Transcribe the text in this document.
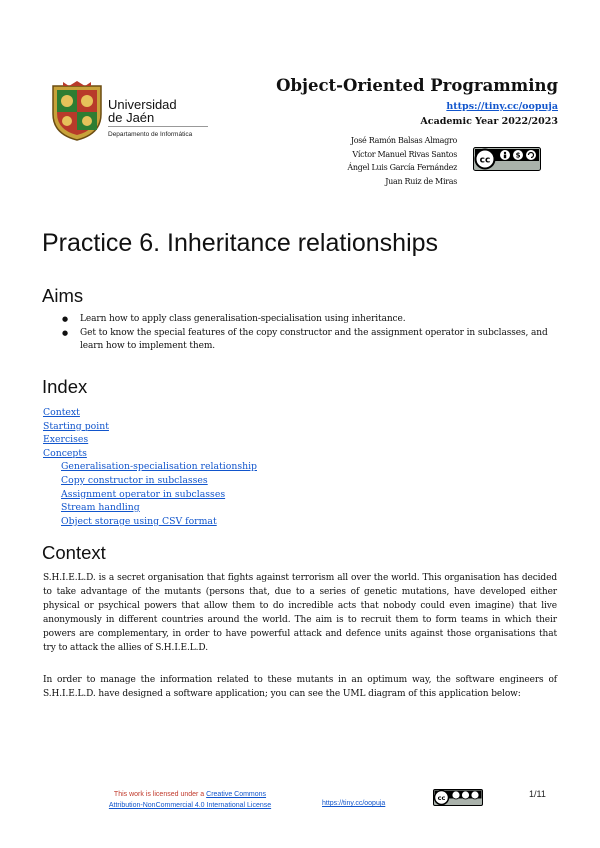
Universidad
de Jaén
Departamento de Informática
Object-Oriented Programming
https://tiny.cc/oopuja
Academic Year 2022/2023
José Ramón Balsas Almagro
Víctor Manuel Rivas Santos
Ángel Luis García Fernández
Juan Ruiz de Miras
cc	$
Practice 6. Inheritance relationships
Aims
● Learn how to apply class generalisation-specialisation using inheritance.
● Get to know the special features of the copy constructor and the assignment operator in subclasses, and learn how to implement them.
Index
Context
Starting point
Exercises
Concepts
Generalisation-specialisation relationship
Copy constructor in subclasses
Assignment operator in subclasses
Stream handling
Object storage using CSV format
Context
S.H.I.E.L.D. is a secret organisation that fights against terrorism all over the world. This organisation has decided to take advantage of the mutants (persons that, due to a series of genetic mutations, have developed either physical or psychical powers that allow them to do incredible acts that nobody could even imagine) that live anonymously in different countries around the world. The aim is to recruit them to form teams in which their powers are complementary, in order to have powerful attack and defence units against those organisations that try to attack the allies of S.H.I.E.L.D.
In order to manage the information related to these mutants in an optimum way, the software engineers of S.H.I.E.L.D. have designed a software application; you can see the UML diagram of this application below:
This work is licensed under a Creative Commons
Attribution-NonCommercial 4.0 International License	https://tiny.cc/oopuja
cc	1/11
